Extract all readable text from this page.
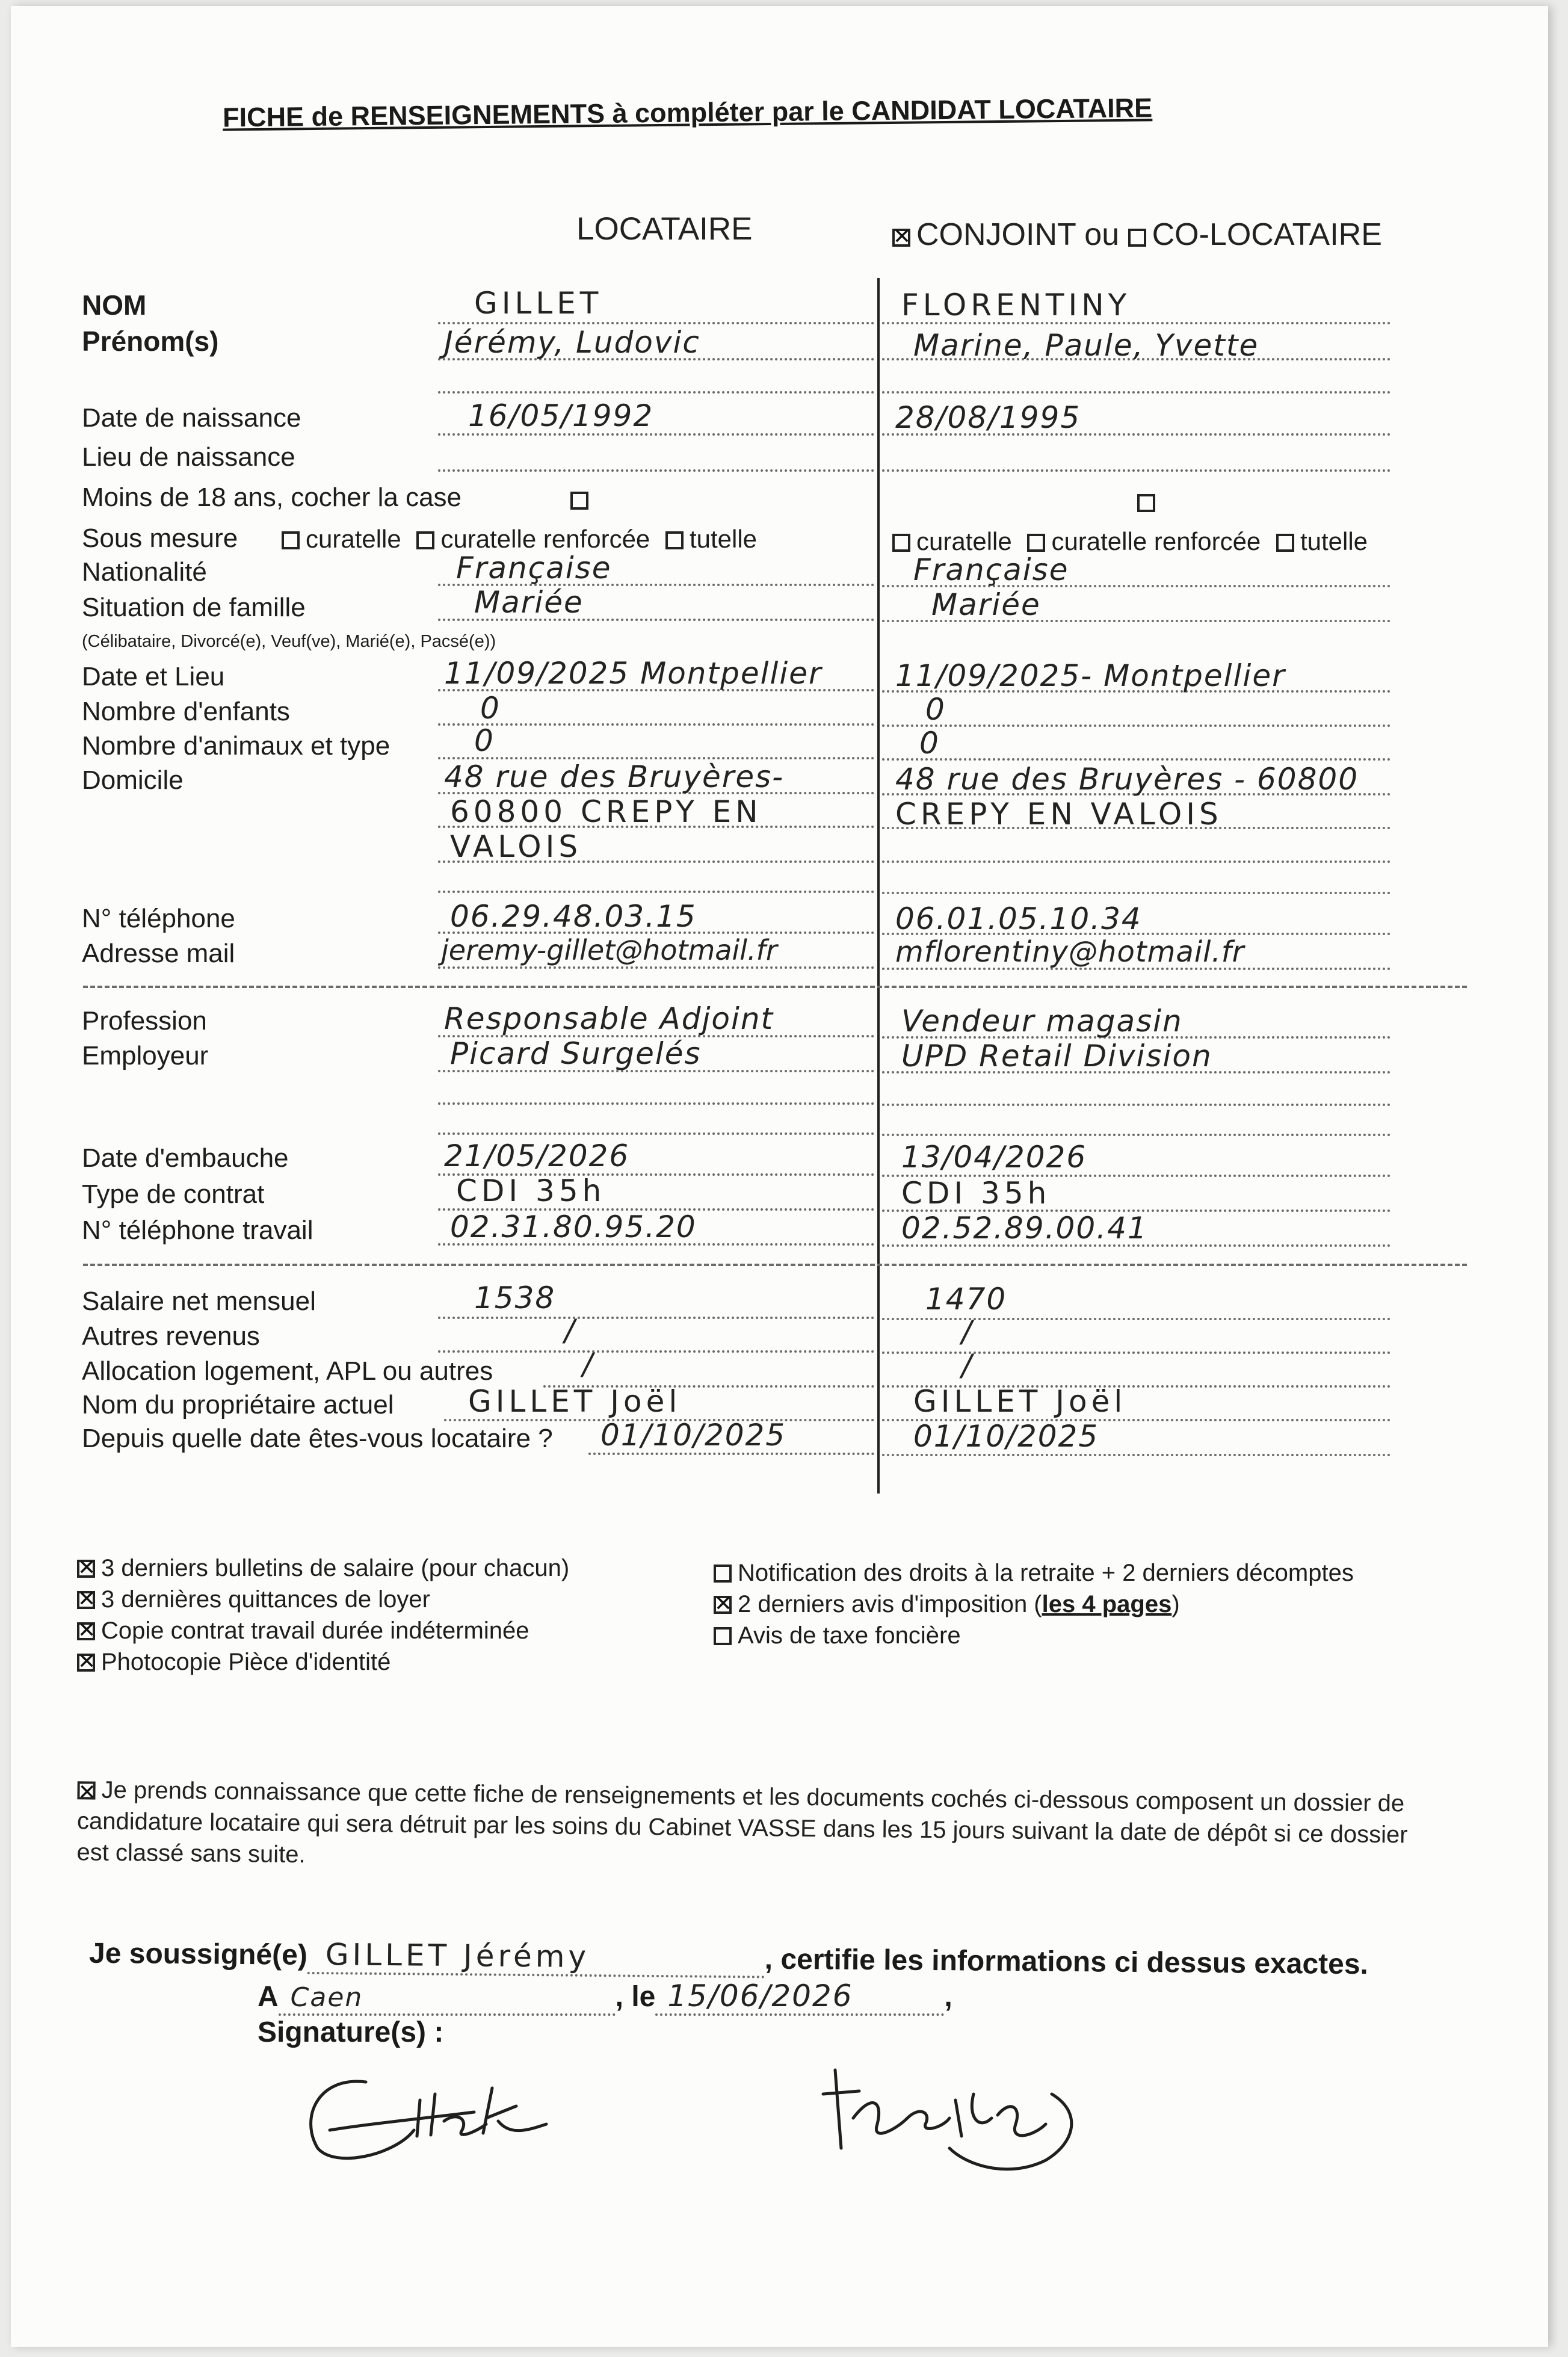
FICHE de RENSEIGNEMENTS à compléter par le CANDIDAT LOCATAIRE
LOCATAIRE
✕	CONJOINT ou CO-LOCATAIRE
NOM
Prénom(s)
Date de naissance
Lieu de naissance
Moins de 18 ans, cocher la case
Sous mesure
Nationalité
Situation de famille
(Célibataire, Divorcé(e), Veuf(ve), Marié(e), Pacsé(e))
Date et Lieu
Nombre d'enfants
Nombre d'animaux et type
Domicile
N° téléphone
Adresse mail
Profession
Employeur
Date d'embauche
Type de contrat
N° téléphone travail
Salaire net mensuel
Autres revenus
Allocation logement, APL ou autres
Nom du propriétaire actuel
Depuis quelle date êtes-vous locataire ?
curatelle curatelle renforcée tutelle	curatelle curatelle renforcée tutelle
GILLET
Jérémy, Ludovic
16/05/1992
Française
Mariée
11/09/2025 Montpellier
0
0
48 rue des Bruyères-
60800 CREPY EN
VALOIS
06.29.48.03.15
jeremy-gillet@hotmail.fr
Responsable Adjoint
Picard Surgelés
21/05/2026
CDI 35h
02.31.80.95.20
1538
/
/
GILLET Joël
01/10/2025
FLORENTINY
Marine, Paule, Yvette
28/08/1995
Française
Mariée
11/09/2025- Montpellier
0
0
48 rue des Bruyères - 60800
CREPY EN VALOIS
06.01.05.10.34
mflorentiny@hotmail.fr
Vendeur magasin
UPD Retail Division
13/04/2026
CDI 35h
02.52.89.00.41
1470
/
/
GILLET Joël
01/10/2025
✕3 derniers bulletins de salaire (pour chacun)
✕3 dernières quittances de loyer
✕Copie contrat travail durée indéterminée
✕Photocopie Pièce d'identité
Notification des droits à la retraite + 2 derniers décomptes
✕2 derniers avis d'imposition (les 4 pages)
Avis de taxe foncière
✕Je prends connaissance que cette fiche de renseignements et les documents cochés ci-dessous composent un dossier de candidature locataire qui sera détruit par les soins du Cabinet VASSE dans les 15 jours suivant la date de dépôt si ce dossier est classé sans suite.
Je soussigné(e) GILLET Jérémy	, certifie les informations ci dessus exactes.
A Caen	, le 15/06/2026	,
Signature(s) :
